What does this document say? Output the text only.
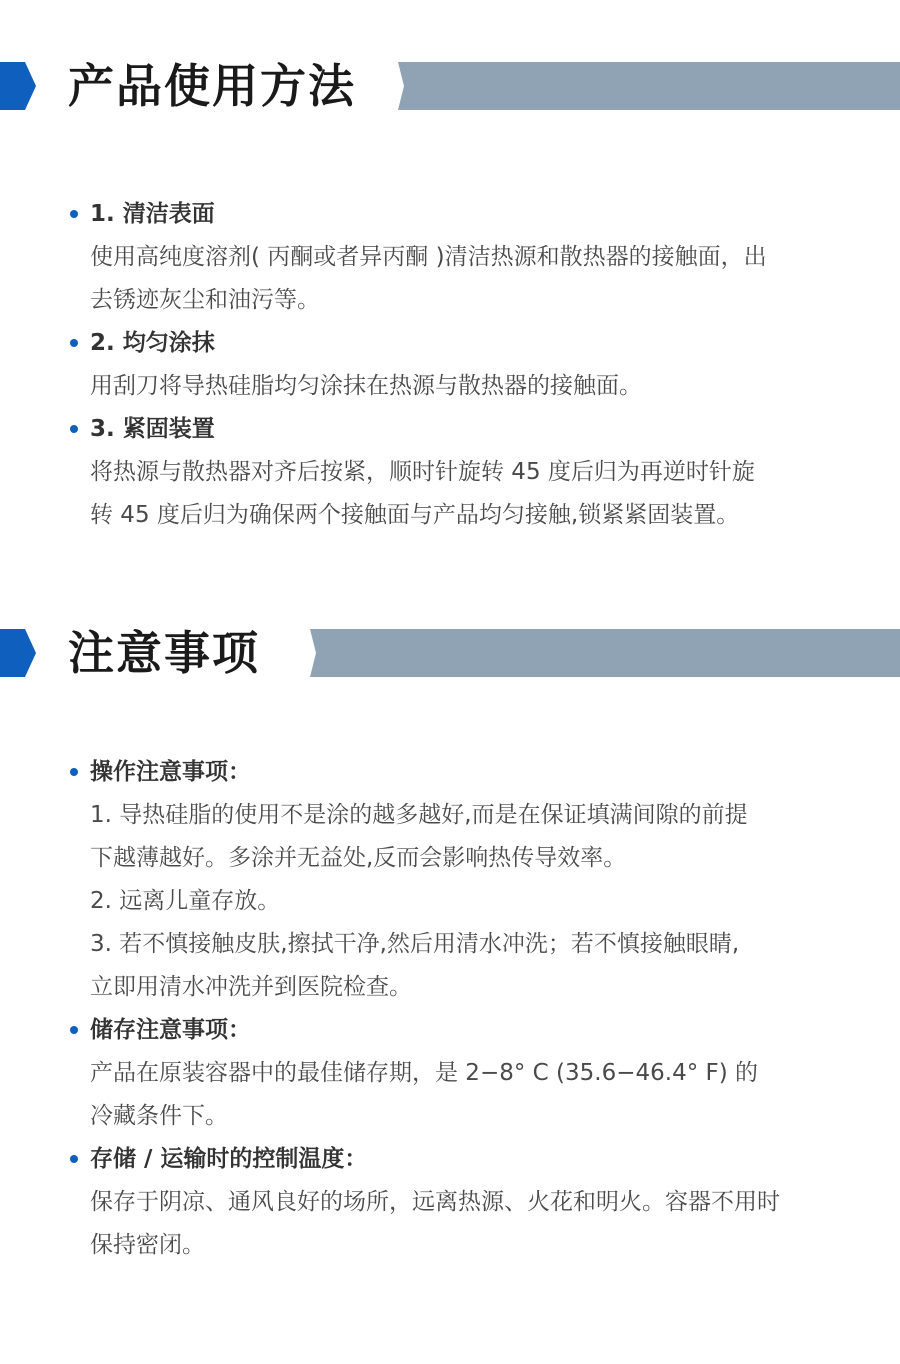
产品使用方法
1. 清洁表面
使用高纯度溶剂( 丙酮或者异丙酮 )清洁热源和散热器的接触面，出
去锈迹灰尘和油污等。
2. 均匀涂抹
用刮刀将导热硅脂均匀涂抹在热源与散热器的接触面。
3. 紧固装置
将热源与散热器对齐后按紧，顺时针旋转 45 度后归为再逆时针旋
转 45 度后归为确保两个接触面与产品均匀接触,锁紧紧固装置。
注意事项
操作注意事项：
1. 导热硅脂的使用不是涂的越多越好,而是在保证填满间隙的前提
下越薄越好。多涂并无益处,反而会影响热传导效率。
2. 远离儿童存放。
3. 若不慎接触皮肤,擦拭干净,然后用清水冲洗；若不慎接触眼睛,
立即用清水冲洗并到医院检查。
储存注意事项：
产品在原装容器中的最佳储存期，是 2−8° C (35.6−46.4° F) 的
冷藏条件下。
存储 / 运输时的控制温度：
保存于阴凉、通风良好的场所，远离热源、火花和明火。容器不用时
保持密闭。
